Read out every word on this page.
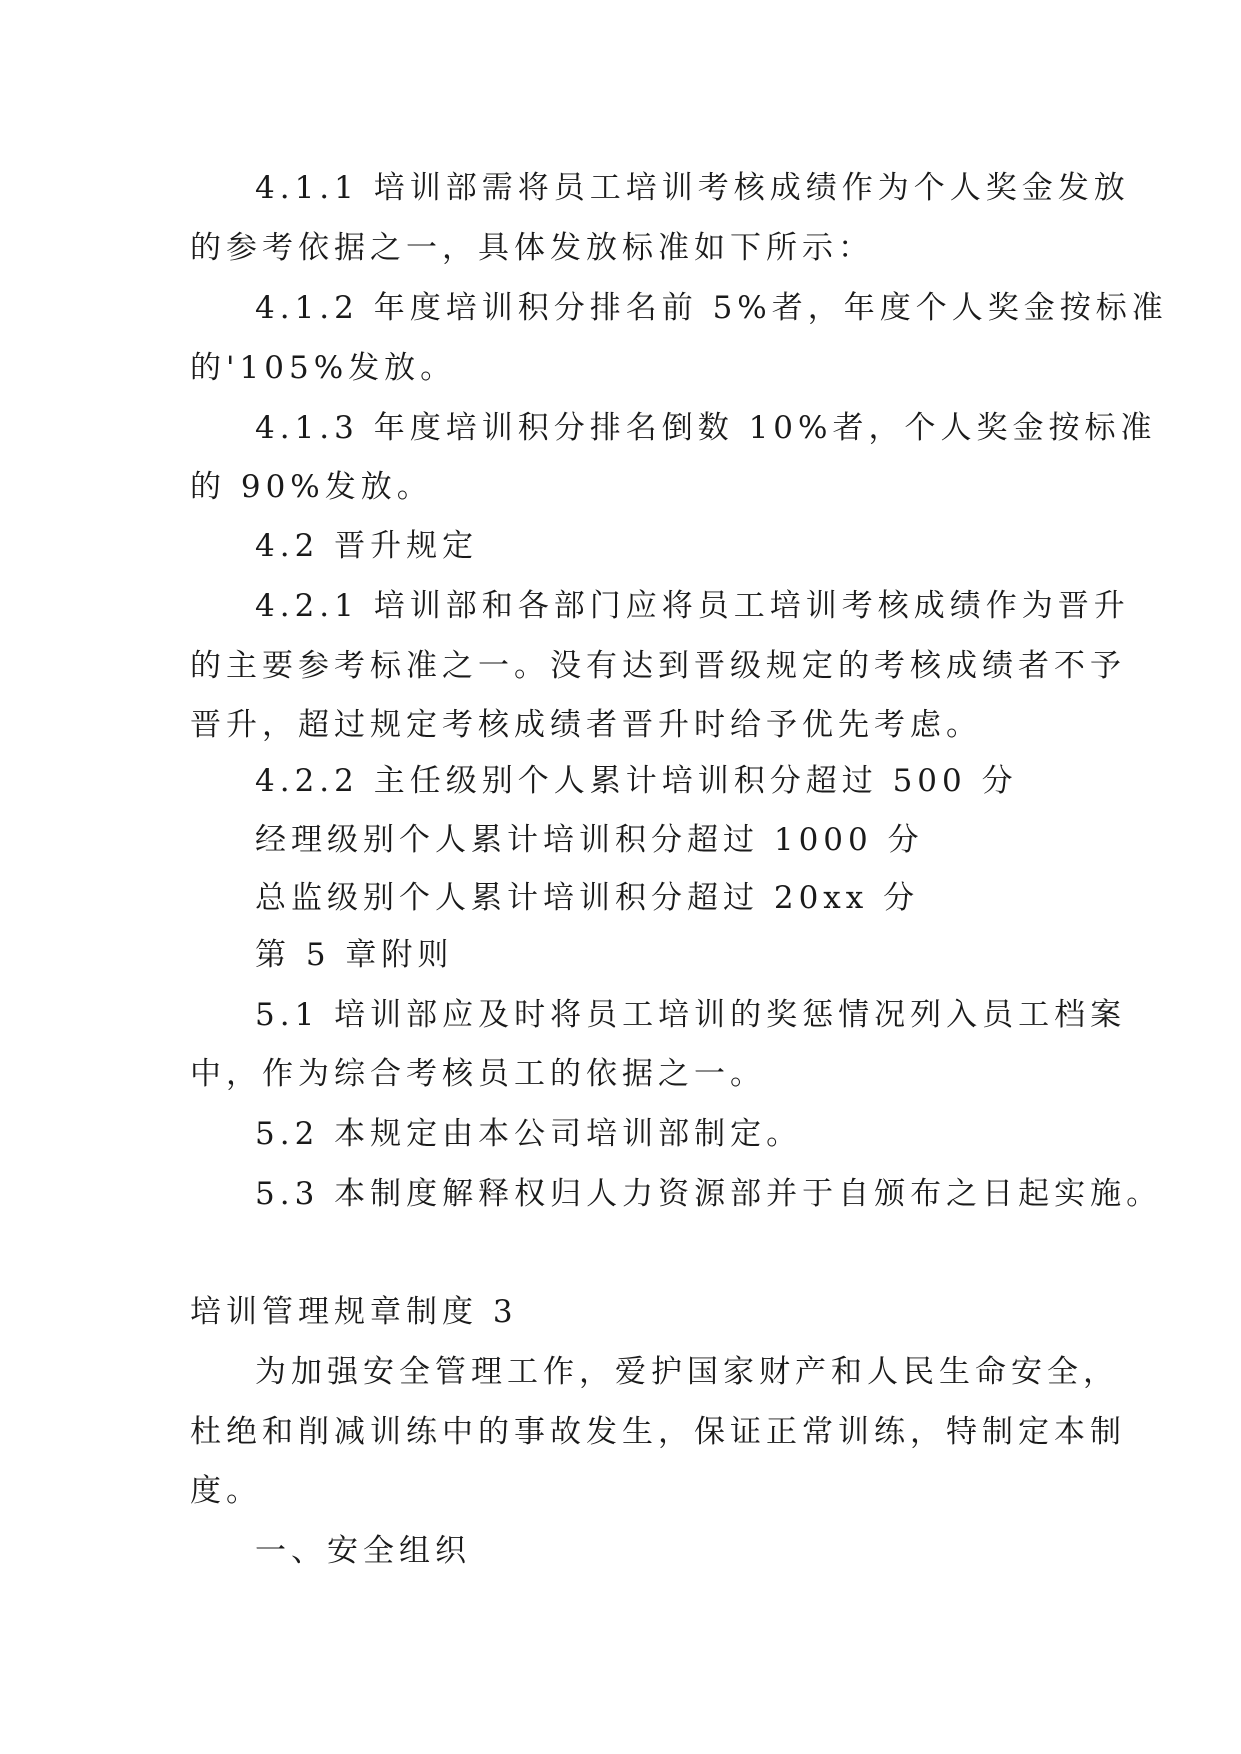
4.1.1 培训部需将员工培训考核成绩作为个人奖金发放
的参考依据之一，具体发放标准如下所示：
4.1.2 年度培训积分排名前 5%者，年度个人奖金按标准
的'105%发放。
4.1.3 年度培训积分排名倒数 10%者，个人奖金按标准
的 90%发放。
4.2 晋升规定
4.2.1 培训部和各部门应将员工培训考核成绩作为晋升
的主要参考标准之一。没有达到晋级规定的考核成绩者不予
晋升，超过规定考核成绩者晋升时给予优先考虑。
4.2.2 主任级别个人累计培训积分超过 500 分
经理级别个人累计培训积分超过 1000 分
总监级别个人累计培训积分超过 20xx 分
第 5 章附则
5.1 培训部应及时将员工培训的奖惩情况列入员工档案
中，作为综合考核员工的依据之一。
5.2 本规定由本公司培训部制定。
5.3 本制度解释权归人力资源部并于自颁布之日起实施。
培训管理规章制度 3
为加强安全管理工作，爱护国家财产和人民生命安全，
杜绝和削减训练中的事故发生，保证正常训练，特制定本制
度。
一、安全组织
